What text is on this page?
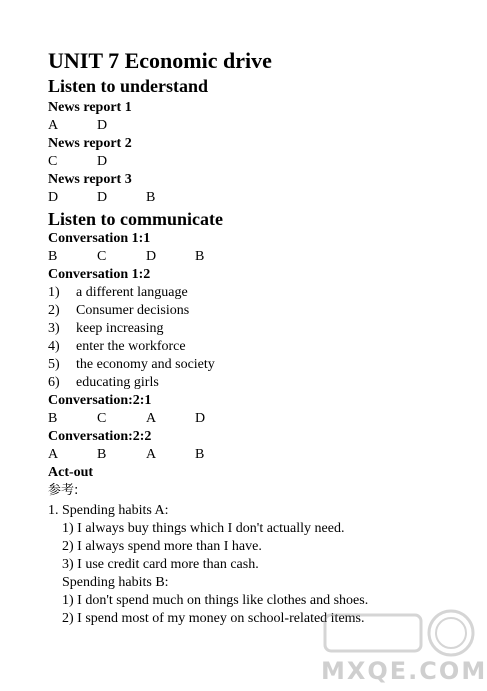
UNIT 7 Economic drive

Listen to understand

News report 1

A	D

News report 2

C	D

News report 3

D	D	B

Listen to communicate

Conversation 1:1

B	C	D	B

Conversation 1:2

1) a different language

2) Consumer decisions

3) keep increasing

4) enter the workforce

5) the economy and society

6) educating girls

Conversation:2:1

B	C	A	D

Conversation:2:2

A	B	A	B

Act-out

参考:

1. Spending habits A:

1) I always buy things which I don't actually need.

2) I always spend more than I have.

3) I use credit card more than cash.

Spending habits B:

1) I don't spend much on things like clothes and shoes.

2) I spend most of my money on school-related items.

MXQE.COM
